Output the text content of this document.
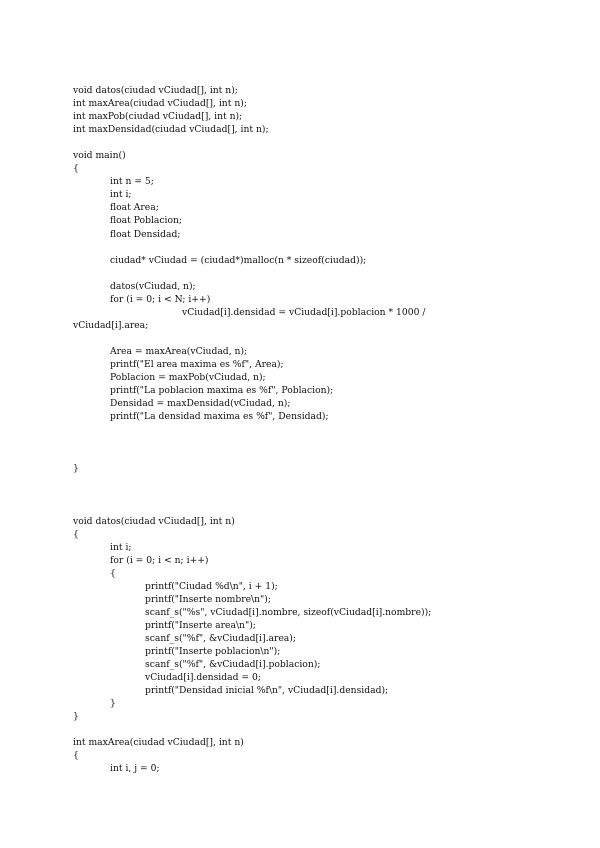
void datos(ciudad vCiudad[], int n);
int maxArea(ciudad vCiudad[], int n);
int maxPob(ciudad vCiudad[], int n);
int maxDensidad(ciudad vCiudad[], int n);
void main()
{
int n = 5;
int i;
float Area;
float Poblacion;
float Densidad;
ciudad* vCiudad = (ciudad*)malloc(n * sizeof(ciudad));
datos(vCiudad, n);
for (i = 0; i < N; i++)
vCiudad[i].densidad = vCiudad[i].poblacion * 1000 /
vCiudad[i].area;
Area = maxArea(vCiudad, n);
printf("El area maxima es %f", Area);
Poblacion = maxPob(vCiudad, n);
printf("La poblacion maxima es %f", Poblacion);
Densidad = maxDensidad(vCiudad, n);
printf("La densidad maxima es %f", Densidad);
}
void datos(ciudad vCiudad[], int n)
{
int i;
for (i = 0; i < n; i++)
{
printf("Ciudad %d\n", i + 1);
printf("Inserte nombre\n");
scanf_s("%s", vCiudad[i].nombre, sizeof(vCiudad[i].nombre));
printf("Inserte area\n");
scanf_s("%f", &vCiudad[i].area);
printf("Inserte poblacion\n");
scanf_s("%f", &vCiudad[i].poblacion);
vCiudad[i].densidad = 0;
printf("Densidad inicial %f\n", vCiudad[i].densidad);
}
}
int maxArea(ciudad vCiudad[], int n)
{
int i, j = 0;
